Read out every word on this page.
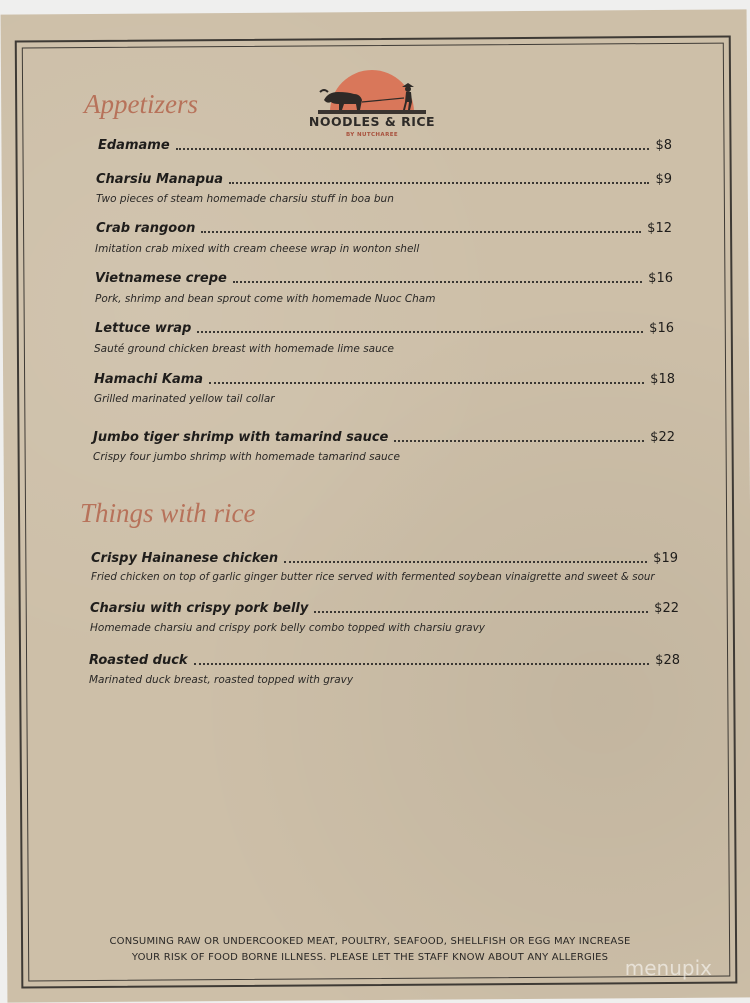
NOODLES & RICE
BY NUTCHAREE
Appetizers
Edamame	$8
Charsiu Manapua	$9
Two pieces of steam homemade charsiu stuff in boa bun
Crab rangoon	$12
Imitation crab mixed with cream cheese wrap in wonton shell
Vietnamese crepe	$16
Pork, shrimp and bean sprout come with homemade Nuoc Cham
Lettuce wrap	$16
Sauté ground chicken breast with homemade lime sauce
Hamachi Kama	$18
Grilled marinated yellow tail collar
Jumbo tiger shrimp with tamarind sauce	$22
Crispy four jumbo shrimp with homemade tamarind sauce
Things with rice
Crispy Hainanese chicken	$19
Fried chicken on top of garlic ginger butter rice served with fermented soybean vinaigrette and sweet & sour
Charsiu with crispy pork belly	$22
Homemade charsiu and crispy pork belly combo topped with charsiu gravy
Roasted duck	$28
Marinated duck breast, roasted topped with gravy
CONSUMING RAW OR UNDERCOOKED MEAT, POULTRY, SEAFOOD, SHELLFISH OR EGG MAY INCREASE
YOUR RISK OF FOOD BORNE ILLNESS. PLEASE LET THE STAFF KNOW ABOUT ANY ALLERGIES menupix
